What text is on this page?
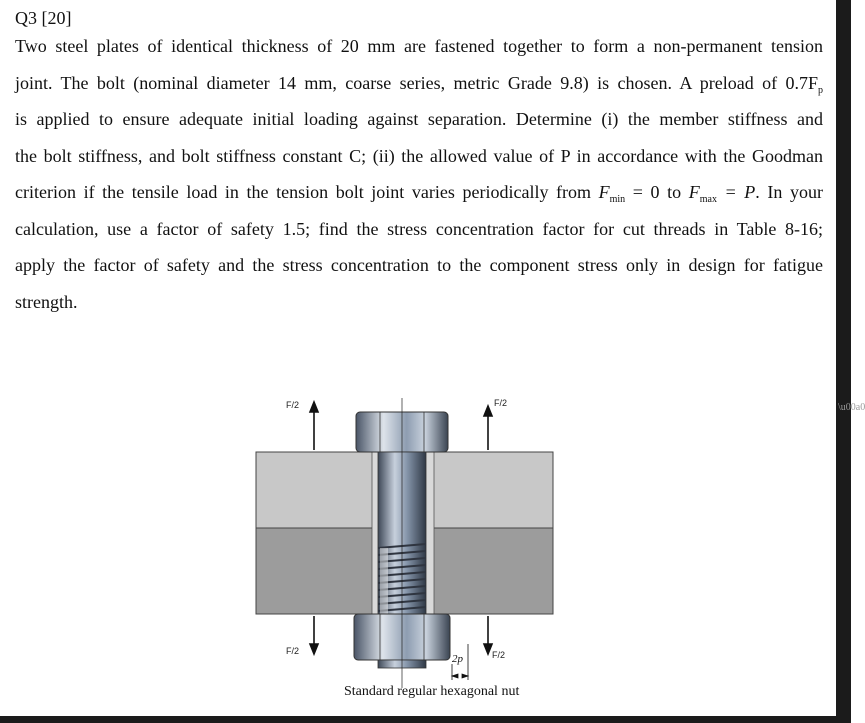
Q3 [20]
Two steel plates of identical thickness of 20 mm are fastened together to form a non-permanent tension
joint. The bolt (nominal diameter 14 mm, coarse series, metric Grade 9.8) is chosen. A preload of $0.7F_p$
is applied to ensure adequate initial loading against separation. Determine (i) the member stiffness and
the bolt stiffness, and bolt stiffness constant C; (ii) the allowed value of P in accordance with the Goodman
criterion if the tensile load in the tension bolt joint varies periodically from $F_{min} = 0$ to $F_{max} = P$. In your
calculation, use a factor of safety 1.5; find the stress concentration factor for cut threads in Table 8-16;
apply the factor of safety and the stress concentration to the component stress only in design for fatigue
strength.
F/2	F/2
F/2	F/2
2p
Standard regular hexagonal nut
\u00a0
